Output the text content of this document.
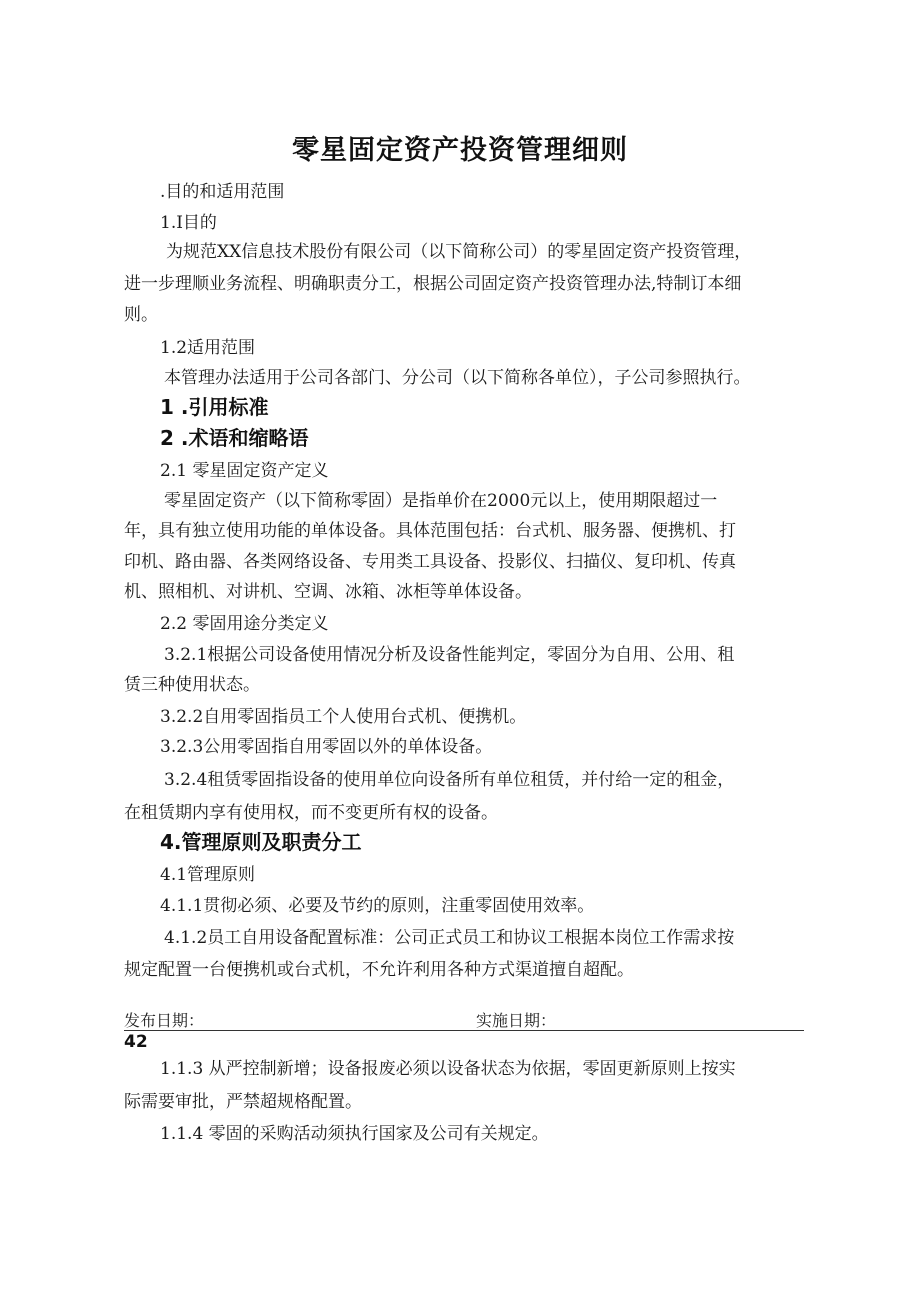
零星固定资产投资管理细则
.目的和适用范围
1.I目的
为规范XX信息技术股份有限公司（以下简称公司）的零星固定资产投资管理，
进一步理顺业务流程、明确职责分工，根据公司固定资产投资管理办法,特制订本细
则。
1.2适用范围
本管理办法适用于公司各部门、分公司（以下简称各单位），子公司参照执行。
1 .引用标准
2 .术语和缩略语
2.1 零星固定资产定义
零星固定资产（以下简称零固）是指单价在2000元以上，使用期限超过一
年，具有独立使用功能的单体设备。具体范围包括：台式机、服务器、便携机、打
印机、路由器、各类网络设备、专用类工具设备、投影仪、扫描仪、复印机、传真
机、照相机、对讲机、空调、冰箱、冰柜等单体设备。
2.2 零固用途分类定义
3.2.1根据公司设备使用情况分析及设备性能判定，零固分为自用、公用、租
赁三种使用状态。
3.2.2自用零固指员工个人使用台式机、便携机。
3.2.3公用零固指自用零固以外的单体设备。
3.2.4租赁零固指设备的使用单位向设备所有单位租赁，并付给一定的租金，
在租赁期内享有使用权，而不变更所有权的设备。
4.管理原则及职责分工
4.1管理原则
4.1.1贯彻必须、必要及节约的原则，注重零固使用效率。
4.1.2员工自用设备配置标准：公司正式员工和协议工根据本岗位工作需求按
规定配置一台便携机或台式机，不允许利用各种方式渠道擅自超配。
发布日期：	实施日期：
42
1.1.3 从严控制新增；设备报废必须以设备状态为依据，零固更新原则上按实
际需要审批，严禁超规格配置。
1.1.4 零固的采购活动须执行国家及公司有关规定。
